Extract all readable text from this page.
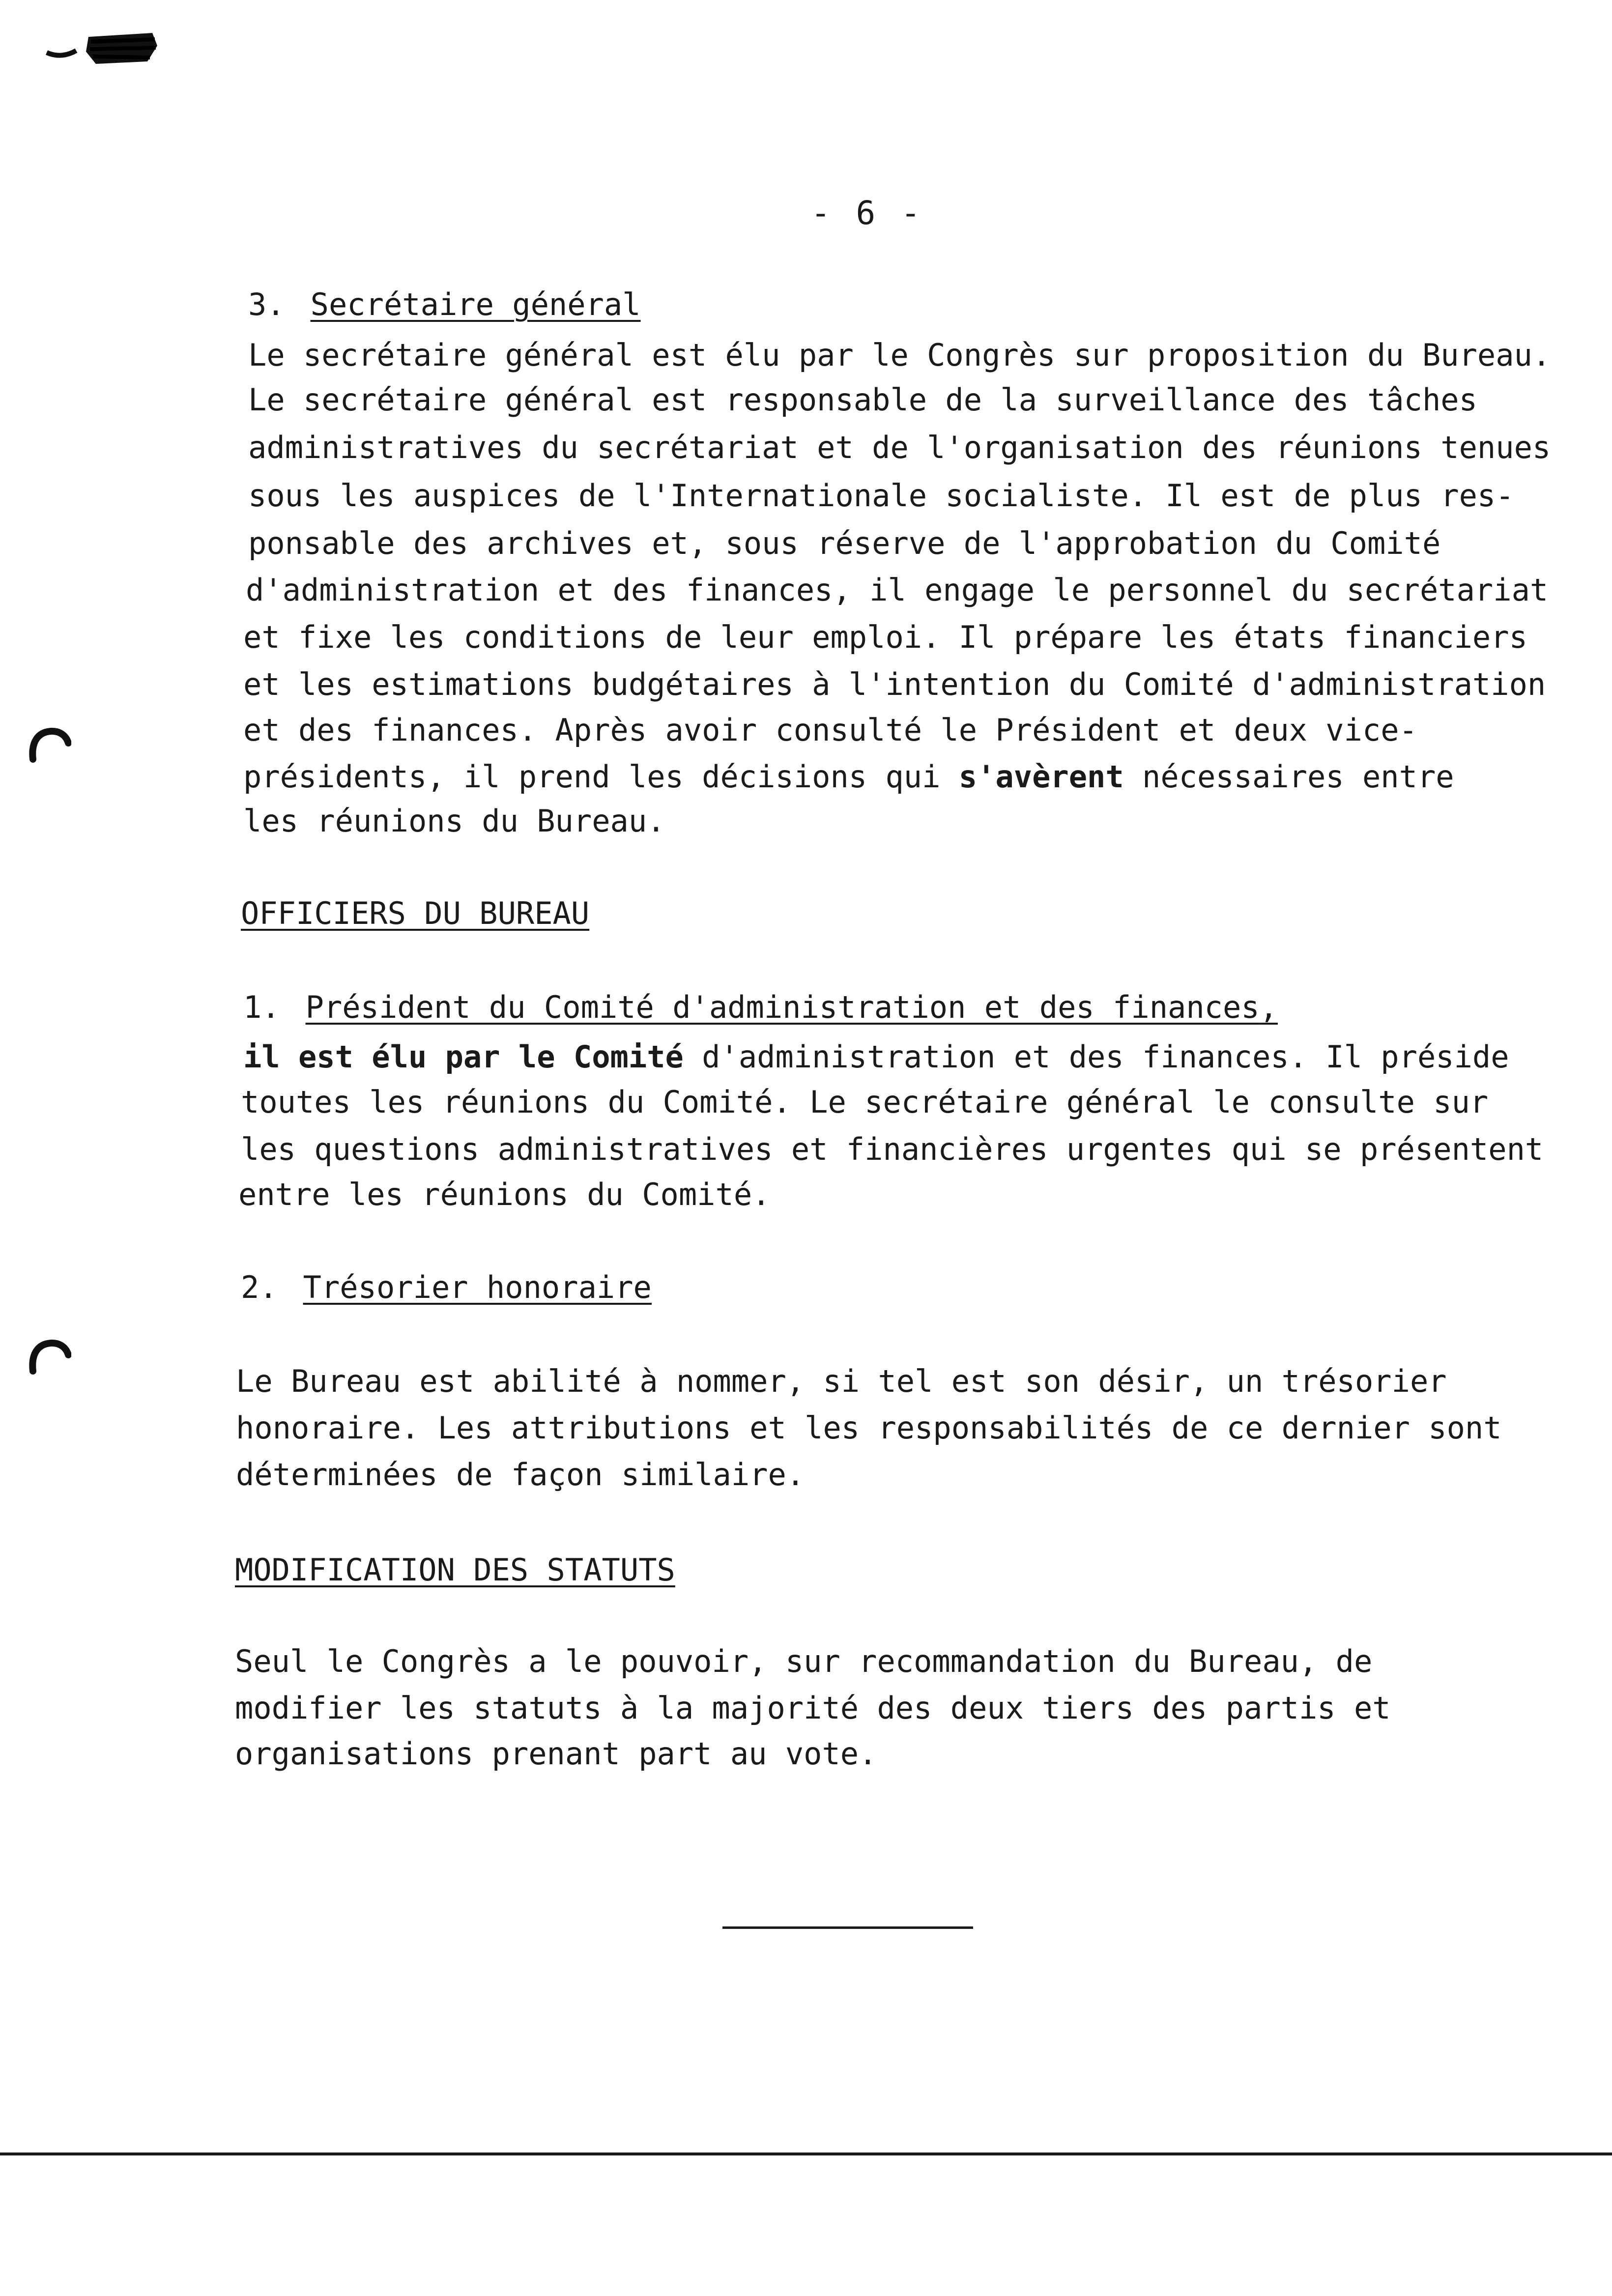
- 6 -
3. Secrétaire général
Le secrétaire général est élu par le Congrès sur proposition du Bureau.
Le secrétaire général est responsable de la surveillance des tâches
administratives du secrétariat et de l'organisation des réunions tenues
sous les auspices de l'Internationale socialiste. Il est de plus res-
ponsable des archives et, sous réserve de l'approbation du Comité
d'administration et des finances, il engage le personnel du secrétariat
et fixe les conditions de leur emploi. Il prépare les états financiers
et les estimations budgétaires à l'intention du Comité d'administration
et des finances. Après avoir consulté le Président et deux vice-
présidents, il prend les décisions qui s'avèrent nécessaires entre
les réunions du Bureau.
OFFICIERS DU BUREAU
1. Président du Comité d'administration et des finances,
il est élu par le Comité d'administration et des finances. Il préside
toutes les réunions du Comité. Le secrétaire général le consulte sur
les questions administratives et financières urgentes qui se présentent
entre les réunions du Comité.
2. Trésorier honoraire
Le Bureau est abilité à nommer, si tel est son désir, un trésorier
honoraire. Les attributions et les responsabilités de ce dernier sont
déterminées de façon similaire.
MODIFICATION DES STATUTS
Seul le Congrès a le pouvoir, sur recommandation du Bureau, de
modifier les statuts à la majorité des deux tiers des partis et
organisations prenant part au vote.
